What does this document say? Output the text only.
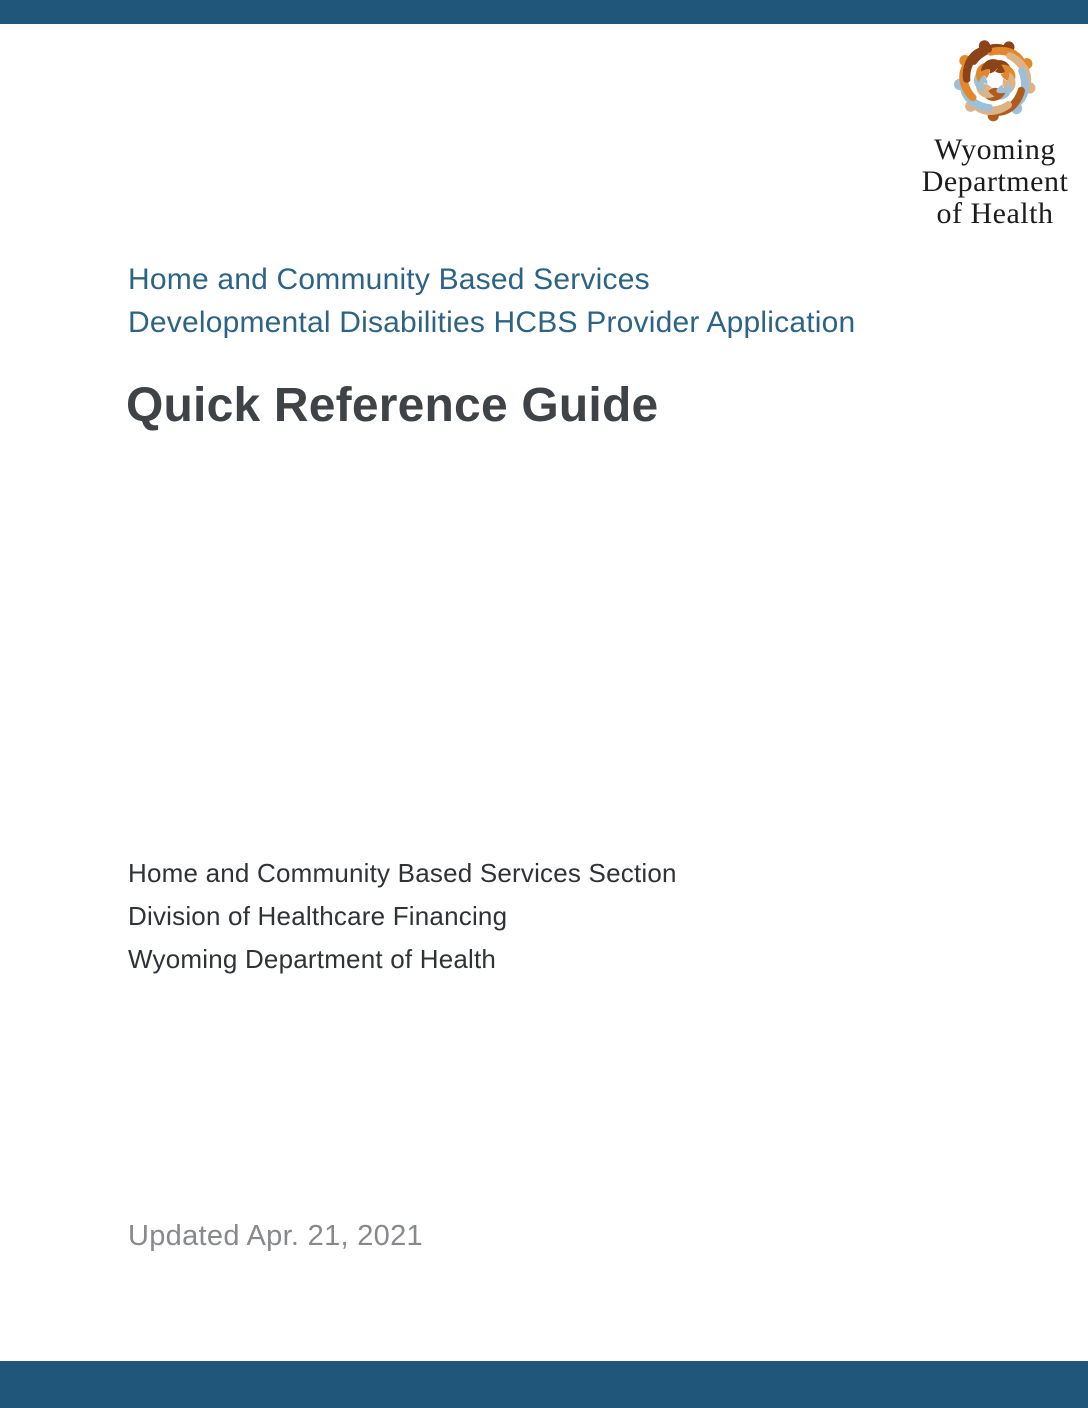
Wyoming
Department
of Health
Home and Community Based Services
Developmental Disabilities HCBS Provider Application
Quick Reference Guide
Home and Community Based Services Section
Division of Healthcare Financing
Wyoming Department of Health
Updated Apr. 21, 2021
